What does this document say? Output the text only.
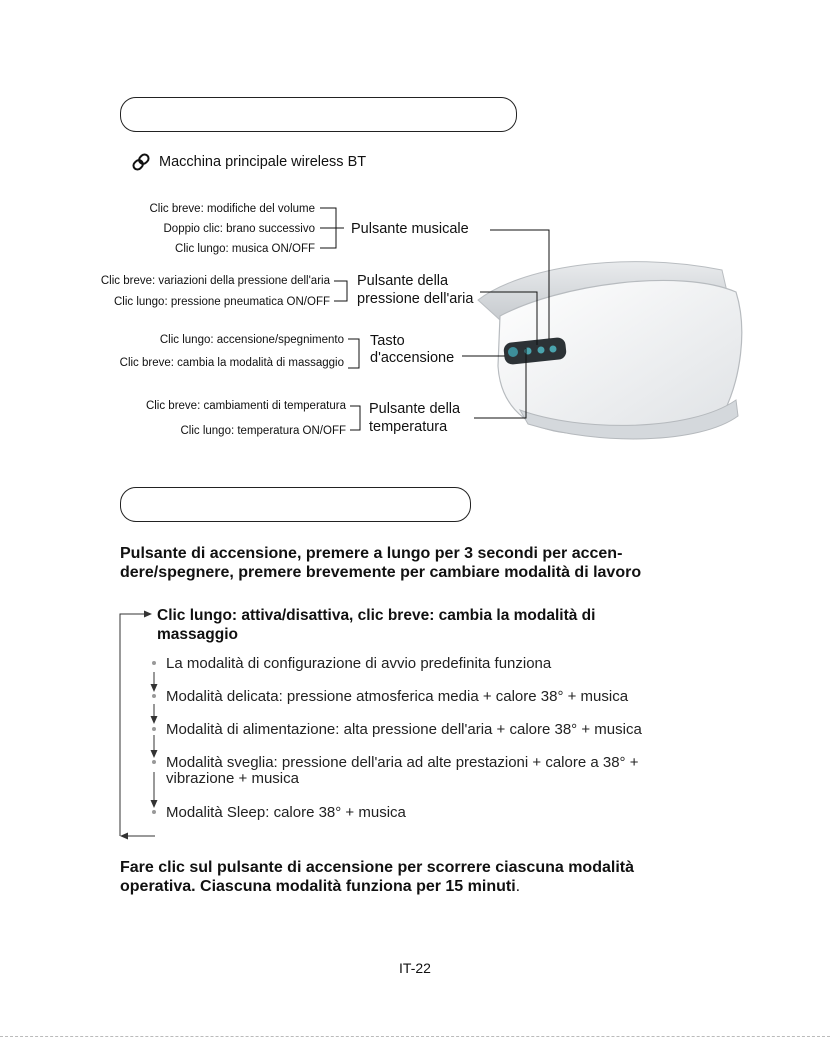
Macchina principale wireless BT
Clic breve: modifiche del volume
Doppio clic: brano successivo
Clic lungo: musica ON/OFF
Pulsante musicale
Clic breve: variazioni della pressione dell'aria
Clic lungo: pressione pneumatica ON/OFF
Pulsante della
pressione dell'aria
Clic lungo: accensione/spegnimento
Clic breve: cambia la modalità di massaggio
Tasto
d'accensione
Clic breve: cambiamenti di temperatura
Clic lungo: temperatura ON/OFF
Pulsante della
temperatura
Pulsante di accensione, premere a lungo per 3 secondi per accen-
dere/spegnere, premere brevemente per cambiare modalità di lavoro
Clic lungo: attiva/disattiva, clic breve: cambia la modalità di
massaggio
La modalità di configurazione di avvio predefinita funziona
Modalità delicata: pressione atmosferica media + calore 38° + musica
Modalità di alimentazione: alta pressione dell'aria + calore 38° + musica
Modalità sveglia: pressione dell'aria ad alte prestazioni + calore a 38° +
vibrazione + musica
Modalità Sleep: calore 38° + musica
Fare clic sul pulsante di accensione per scorrere ciascuna modalità
operativa. Ciascuna modalità funziona per 15 minuti.
IT-22
